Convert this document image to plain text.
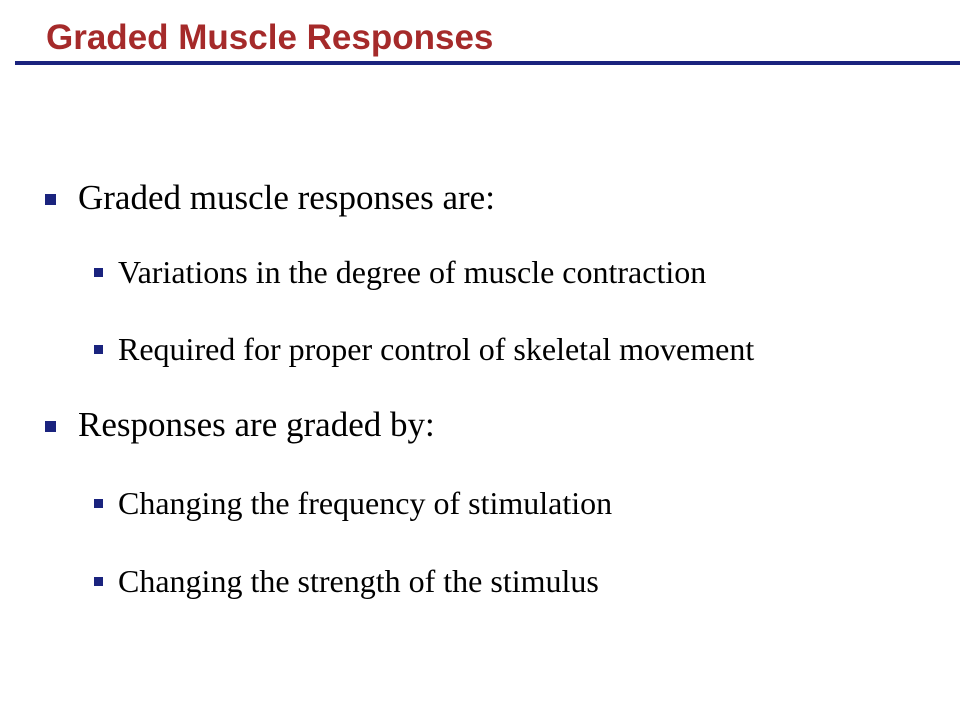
Graded Muscle Responses
Graded muscle responses are:
Variations in the degree of muscle contraction
Required for proper control of skeletal movement
Responses are graded by:
Changing the frequency of stimulation
Changing the strength of the stimulus
